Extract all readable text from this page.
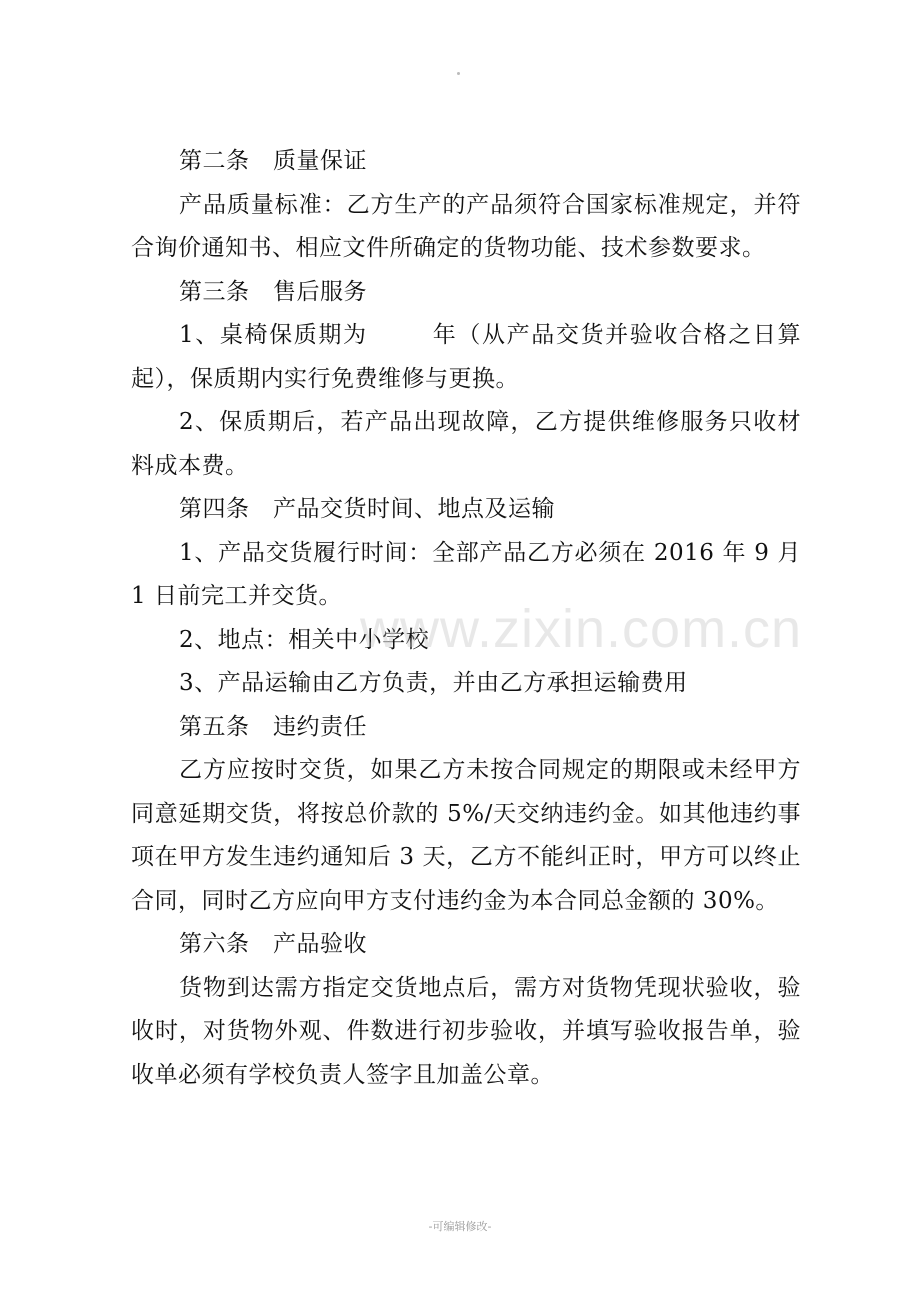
第二条　质量保证

产品质量标准：乙方生产的产品须符合国家标准规定，并符合询价通知书、相应文件所确定的货物功能、技术参数要求。

第三条　售后服务

1、桌椅保质期为	年（从产品交货并验收合格之日算起），保质期内实行免费维修与更换。

2、保质期后，若产品出现故障，乙方提供维修服务只收材料成本费。

第四条　产品交货时间、地点及运输

1、产品交货履行时间：全部产品乙方必须在 2016 年 9 月 1 日前完工并交货。

2、地点：相关中小学校

3、产品运输由乙方负责，并由乙方承担运输费用

第五条　违约责任

乙方应按时交货，如果乙方未按合同规定的期限或未经甲方同意延期交货，将按总价款的 5%/天交纳违约金。如其他违约事项在甲方发生违约通知后 3 天，乙方不能纠正时，甲方可以终止合同，同时乙方应向甲方支付违约金为本合同总金额的 30%。

第六条　产品验收

货物到达需方指定交货地点后，需方对货物凭现状验收，验收时，对货物外观、件数进行初步验收，并填写验收报告单，验收单必须有学校负责人签字且加盖公章。

www.zixin.com.cn
-可编辑修改-
